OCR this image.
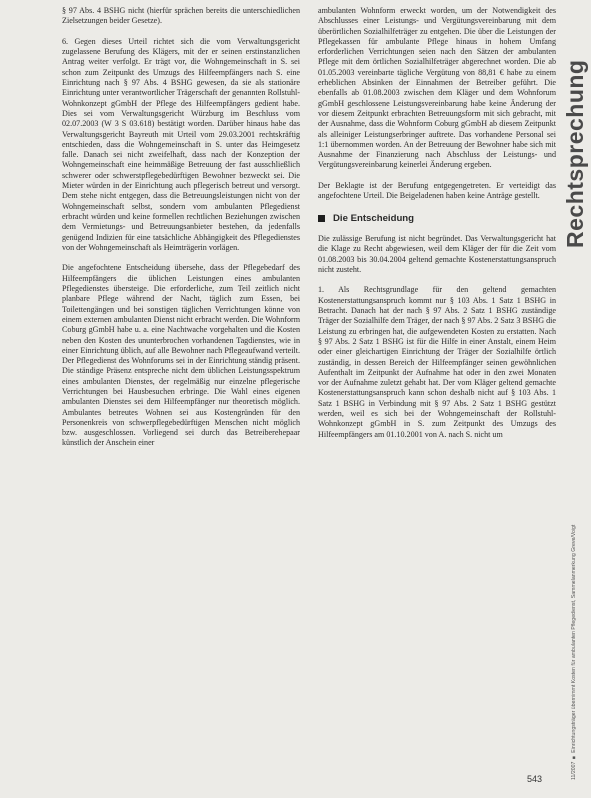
§ 97 Abs. 4 BSHG nicht (hierfür sprächen bereits die unterschiedlichen Zielsetzungen beider Gesetze).

6. Gegen dieses Urteil richtet sich die vom Verwaltungsgericht zugelassene Berufung des Klägers, mit der er seinen erstinstanzlichen Antrag weiter verfolgt. Er trägt vor, die Wohngemeinschaft in S. sei schon zum Zeitpunkt des Umzugs des Hilfeempfängers nach S. eine Einrichtung nach § 97 Abs. 4 BSHG gewesen, da sie als stationäre Einrichtung unter verantwortlicher Trägerschaft der genannten Rollstuhl-Wohnkonzept gGmbH der Pflege des Hilfeempfängers gedient habe. Dies sei vom Verwaltungsgericht Würzburg im Beschluss vom 02.07.2003 (W 3 S 03.618) bestätigt worden. Darüber hinaus habe das Verwaltungsgericht Bayreuth mit Urteil vom 29.03.2001 rechtskräftig entschieden, dass die Wohngemeinschaft in S. unter das Heimgesetz falle. Danach sei nicht zweifelhaft, dass nach der Konzeption der Wohngemeinschaft eine heimmäßige Betreuung der fast ausschließlich schwerer oder schwerstpflegebedürftigen Bewohner bezweckt sei. Die Mieter würden in der Einrichtung auch pflegerisch betreut und versorgt. Dem stehe nicht entgegen, dass die Betreuungsleistungen nicht von der Wohngemeinschaft selbst, sondern vom ambulanten Pflegedienst erbracht würden und keine formellen rechtlichen Beziehungen zwischen dem Vermietungs- und Betreuungsanbieter bestehen, da jedenfalls genügend Indizien für eine tatsächliche Abhängigkeit des Pflegedienstes von der Wohngemeinschaft als Heimträgerin vorlägen.

Die angefochtene Entscheidung übersehe, dass der Pflegebedarf des Hilfeempfängers die üblichen Leistungen eines ambulanten Pflegedienstes übersteige. Die erforderliche, zum Teil zeitlich nicht planbare Pflege während der Nacht, täglich zum Essen, bei Toilettengängen und bei sonstigen täglichen Verrichtungen könne von einem externen ambulanten Dienst nicht erbracht werden. Die Wohnform Coburg gGmbH habe u. a. eine Nachtwache vorgehalten und die Kosten neben den Kosten des ununterbrochen vorhandenen Tagdienstes, wie in einer Einrichtung üblich, auf alle Bewohner nach Pflegeaufwand verteilt. Der Pflegedienst des Wohnforums sei in der Einrichtung ständig präsent. Die ständige Präsenz entspreche nicht dem üblichen Leistungsspektrum eines ambulanten Dienstes, der regelmäßig nur einzelne pflegerische Verrichtungen bei Hausbesuchen erbringe. Die Wahl eines eigenen ambulanten Dienstes sei dem Hilfeempfänger nur theoretisch möglich. Ambulantes betreutes Wohnen sei aus Kostengründen für den Personenkreis von schwerpflegebedürftigen Menschen nicht möglich bzw. ausgeschlossen. Vorliegend sei durch das Betreiberehepaar künstlich der Anschein einer

ambulanten Wohnform erweckt worden, um der Notwendigkeit des Abschlusses einer Leistungs- und Vergütungsvereinbarung mit dem überörtlichen Sozialhilfeträger zu entgehen. Die über die Leistungen der Pflegekassen für ambulante Pflege hinaus in hohem Umfang erforderlichen Verrichtungen seien nach den Sätzen der ambulanten Pflege mit dem örtlichen Sozialhilfeträger abgerechnet worden. Die ab 01.05.2003 vereinbarte tägliche Vergütung von 88,81 € habe zu einem erheblichen Absinken der Einnahmen der Betreiber geführt. Die ebenfalls ab 01.08.2003 zwischen dem Kläger und dem Wohnforum gGmbH geschlossene Leistungsvereinbarung habe keine Änderung der vor diesem Zeitpunkt erbrachten Betreuungsform mit sich gebracht, mit der Ausnahme, dass die Wohnform Coburg gGmbH ab diesem Zeitpunkt als alleiniger Leistungserbringer auftrete. Das vorhandene Personal sei 1:1 übernommen worden. An der Betreuung der Bewohner habe sich mit Ausnahme der Finanzierung nach Abschluss der Leistungs- und Vergütungsvereinbarung keinerlei Änderung ergeben.

Der Beklagte ist der Berufung entgegengetreten. Er verteidigt das angefochtene Urteil. Die Beigeladenen haben keine Anträge gestellt.

Die Entscheidung

Die zulässige Berufung ist nicht begründet. Das Verwaltungsgericht hat die Klage zu Recht abgewiesen, weil dem Kläger der für die Zeit vom 01.08.2003 bis 30.04.2004 geltend gemachte Kostenerstattungsanspruch nicht zusteht.

1. Als Rechtsgrundlage für den geltend gemachten Kostenerstattungsanspruch kommt nur § 103 Abs. 1 Satz 1 BSHG in Betracht. Danach hat der nach § 97 Abs. 2 Satz 1 BSHG zuständige Träger der Sozialhilfe dem Träger, der nach § 97 Abs. 2 Satz 3 BSHG die Leistung zu erbringen hat, die aufgewendeten Kosten zu erstatten. Nach § 97 Abs. 2 Satz 1 BSHG ist für die Hilfe in einer Anstalt, einem Heim oder einer gleichartigen Einrichtung der Träger der Sozialhilfe örtlich zuständig, in dessen Bereich der Hilfeempfänger seinen gewöhnlichen Aufenthalt im Zeitpunkt der Aufnahme hat oder in den zwei Monaten vor der Aufnahme zuletzt gehabt hat. Der vom Kläger geltend gemachte Kostenerstattungsanspruch kann schon deshalb nicht auf § 103 Abs. 1 Satz 1 BSHG in Verbindung mit § 97 Abs. 2 Satz 1 BSHG gestützt werden, weil es sich bei der Wohngemeinschaft der Rollstuhl-Wohnkonzept gGmbH in S. zum Zeitpunkt des Umzugs des Hilfeempfängers am 01.10.2001 von A. nach S. nicht um

Rechtsprechung
11/2007 ■ Einrichtungsträger übernimmt Kosten für ambulanten Pflegedienst, Sammelanmerkung Greve/Voigt
543
